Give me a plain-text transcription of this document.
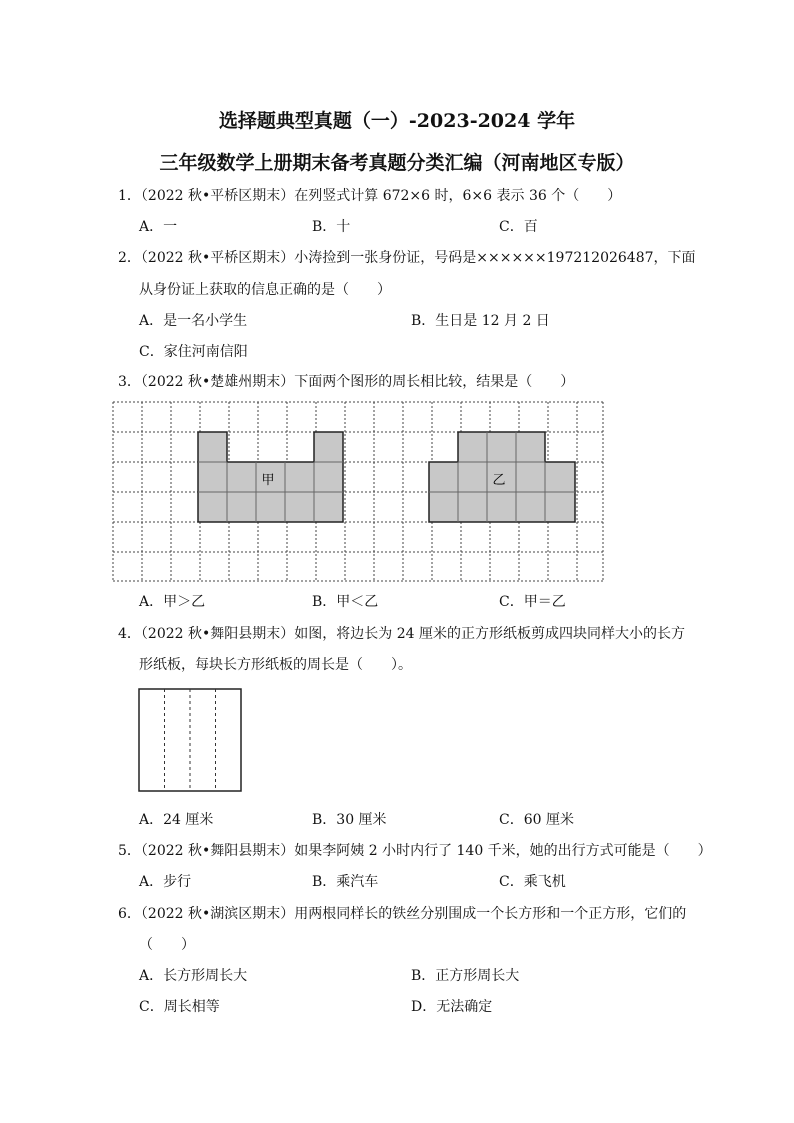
选择题典型真题（一）-2023-2024 学年
三年级数学上册期末备考真题分类汇编（河南地区专版）
1．（2022 秋•平桥区期末）在列竖式计算 672×6 时，6×6 表示 36 个（　　）
A．一	B．十	C．百
2．（2022 秋•平桥区期末）小涛捡到一张身份证，号码是××××××197212026487，下面
从身份证上获取的信息正确的是（　　）
A．是一名小学生	B．生日是 12 月 2 日
C．家住河南信阳
3．（2022 秋•楚雄州期末）下面两个图形的周长相比较，结果是（　　）
甲	乙
A．甲＞乙	B．甲＜乙	C．甲＝乙
4．（2022 秋•舞阳县期末）如图，将边长为 24 厘米的正方形纸板剪成四块同样大小的长方
形纸板，每块长方形纸板的周长是（　　）。
A．24 厘米	B．30 厘米	C．60 厘米
5．（2022 秋•舞阳县期末）如果李阿姨 2 小时内行了 140 千米，她的出行方式可能是（　　）
A．步行	B．乘汽车	C．乘飞机
6．（2022 秋•湖滨区期末）用两根同样长的铁丝分别围成一个长方形和一个正方形，它们的
（　　）
A．长方形周长大	B．正方形周长大
C．周长相等	D．无法确定
